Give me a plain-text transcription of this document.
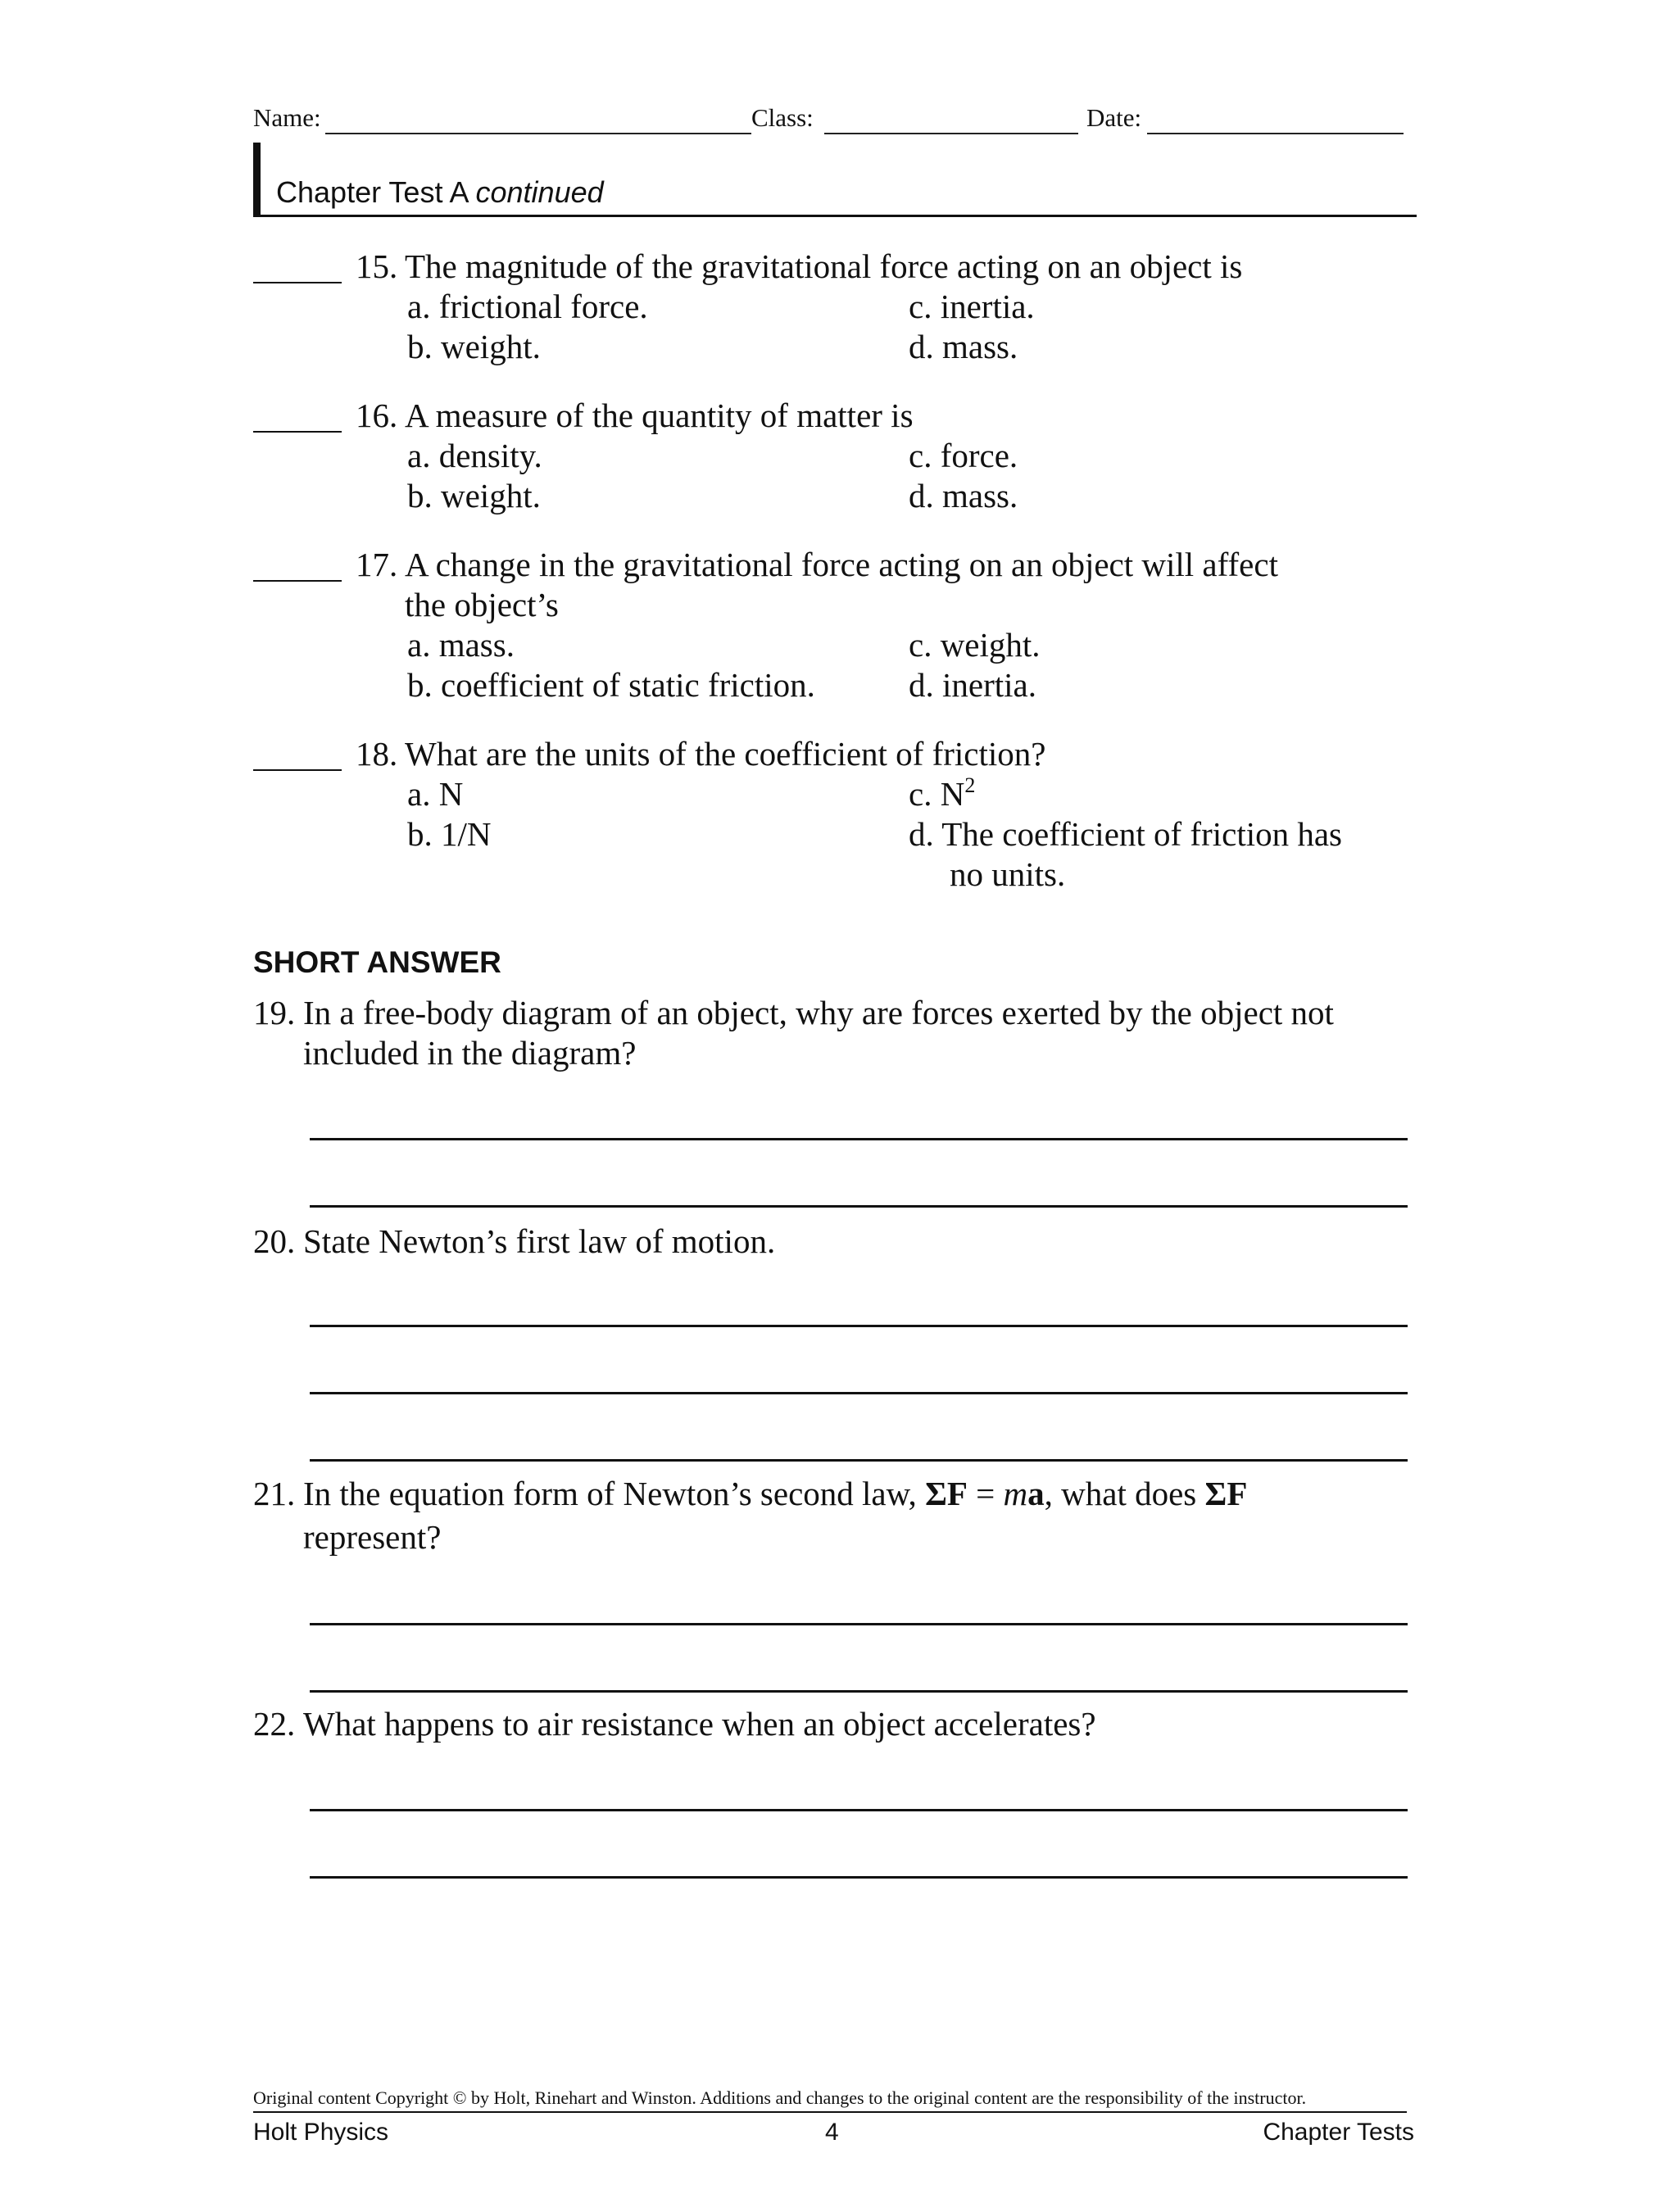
Name:	Class:	Date:
Chapter Test A continued
15. The magnitude of the gravitational force acting on an object is
a. frictional force.
b. weight.
c. inertia.
d. mass.
16. A measure of the quantity of matter is
a. density.
b. weight.
c. force.
d. mass.
17. A change in the gravitational force acting on an object will affect
the object’s
a. mass.
b. coefficient of static friction.
c. weight.
d. inertia.
18. What are the units of the coefficient of friction?
a. N
b. 1/N
c. $N^2$
d. The coefficient of friction has
no units.
SHORT ANSWER
19. In a free-body diagram of an object, why are forces exerted by the object not
included in the diagram?
20. State Newton’s first law of motion.
21. In the equation form of Newton’s second law, ΣF = ma, what does ΣF
represent?
22. What happens to air resistance when an object accelerates?
Original content Copyright © by Holt, Rinehart and Winston. Additions and changes to the original content are the responsibility of the instructor.
Holt Physics	4	Chapter Tests
